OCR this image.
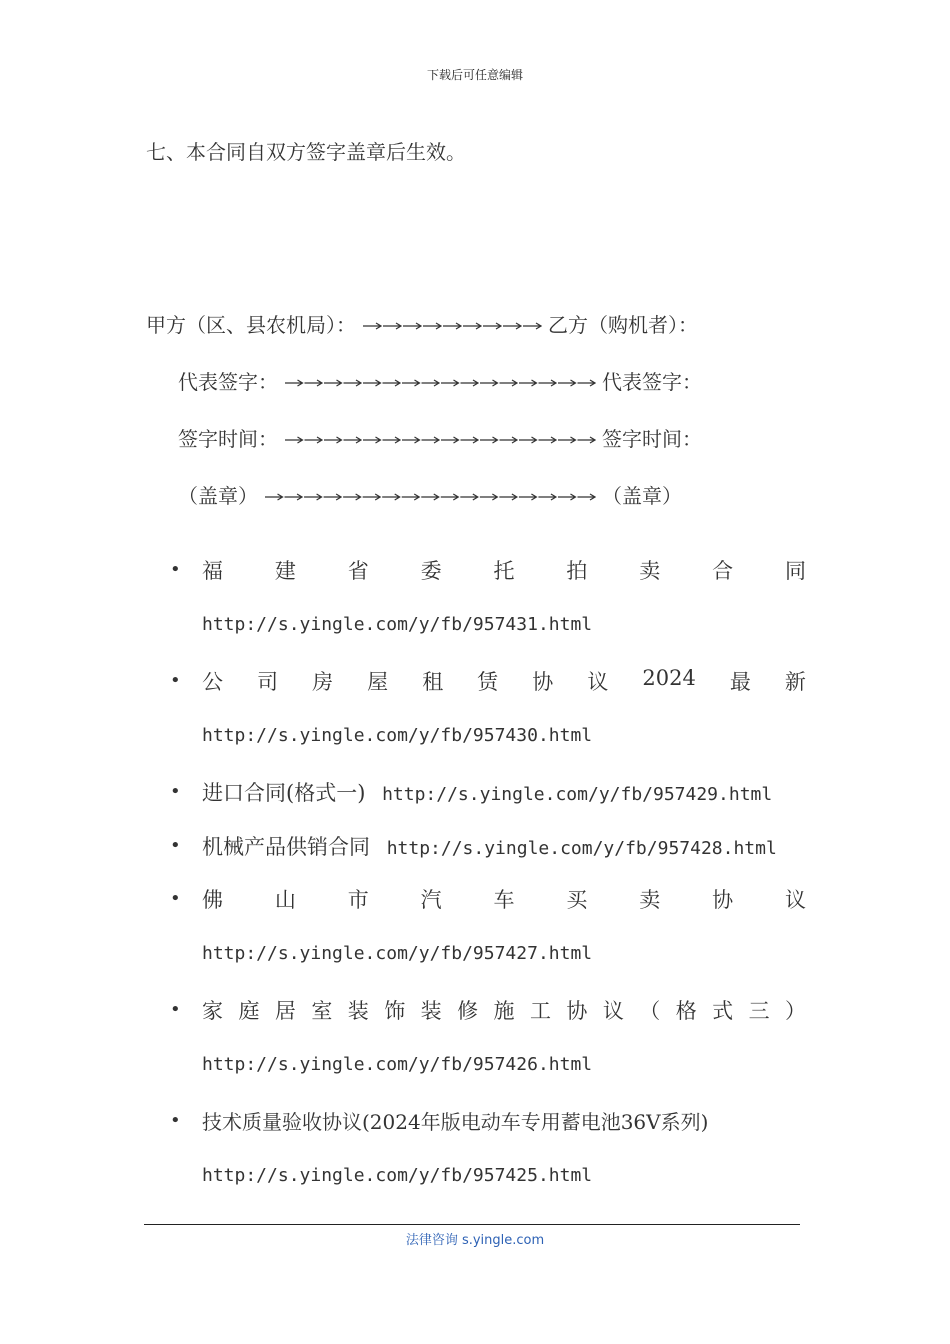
下载后可任意编辑
七、本合同自双方签字盖章后生效。
甲方（区、县农机局）：	乙方（购机者）：
代表签字：	代表签字：
签字时间：	签字时间：
（盖章）	（盖章）
• 福 建 省 委 托 拍 卖 合 同
http://s.yingle.com/y/fb/957431.html
• 公 司 房 屋 租 赁 协 议 2024 最 新
http://s.yingle.com/y/fb/957430.html
• 进口合同(格式一) http://s.yingle.com/y/fb/957429.html
• 机械产品供销合同 http://s.yingle.com/y/fb/957428.html
• 佛 山 市 汽 车 买 卖 协 议
http://s.yingle.com/y/fb/957427.html
• 家 庭 居 室 装 饰 装 修 施 工 协 议 （ 格 式 三 ）
http://s.yingle.com/y/fb/957426.html
• 技术质量验收协议(2024年版电动车专用蓄电池36V系列)
http://s.yingle.com/y/fb/957425.html
法律咨询 s.yingle.com
